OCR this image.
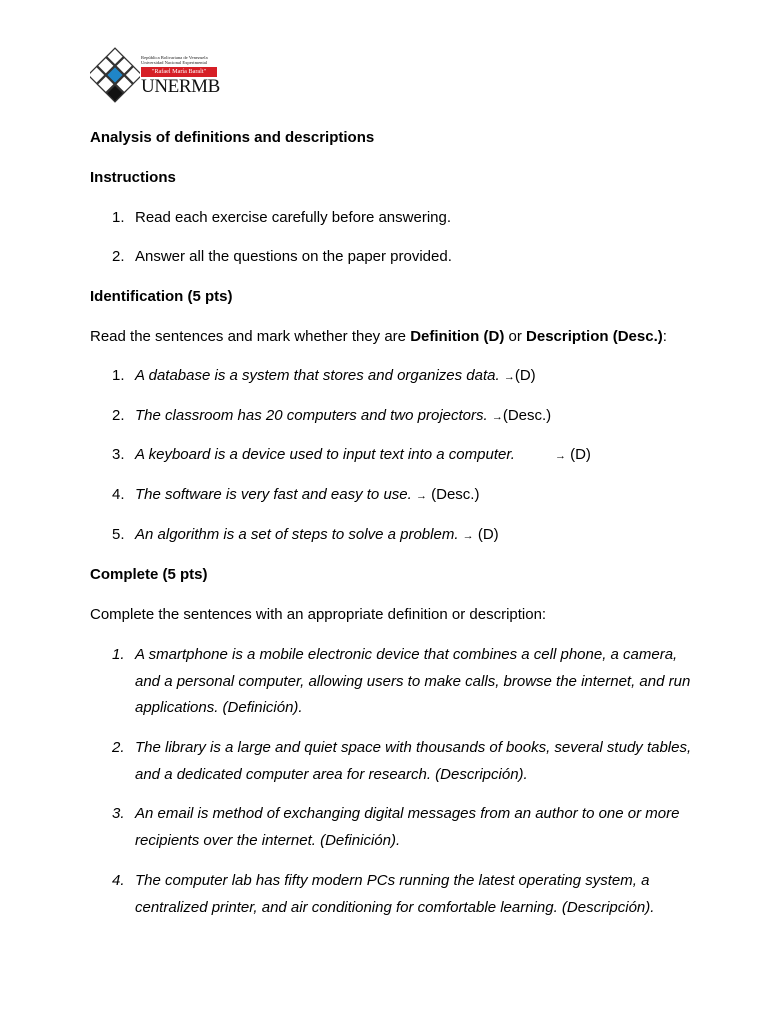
República Bolivariana de Venezuela
Universidad Nacional Experimental
"Rafael María Baralt"
UNERMB
Analysis of definitions and descriptions
Instructions
1. Read each exercise carefully before answering.
2. Answer all the questions on the paper provided.
Identification (5 pts)
Read the sentences and mark whether they are Definition (D) or Description (Desc.):
1. A database is a system that stores and organizes data. →(D)
2. The classroom has 20 computers and two projectors. →(Desc.)
3. A keyboard is a device used to input text into a computer.	→ (D)
4. The software is very fast and easy to use. → (Desc.)
5. An algorithm is a set of steps to solve a problem. → (D)
Complete (5 pts)
Complete the sentences with an appropriate definition or description:
1. A smartphone is a mobile electronic device that combines a cell phone, a camera, and a personal computer, allowing users to make calls, browse the internet, and run applications. (Definición).
2. The library is a large and quiet space with thousands of books, several study tables, and a dedicated computer area for research. (Descripción).
3. An email is method of exchanging digital messages from an author to one or more recipients over the internet. (Definición).
4. The computer lab has fifty modern PCs running the latest operating system, a centralized printer, and air conditioning for comfortable learning. (Descripción).
